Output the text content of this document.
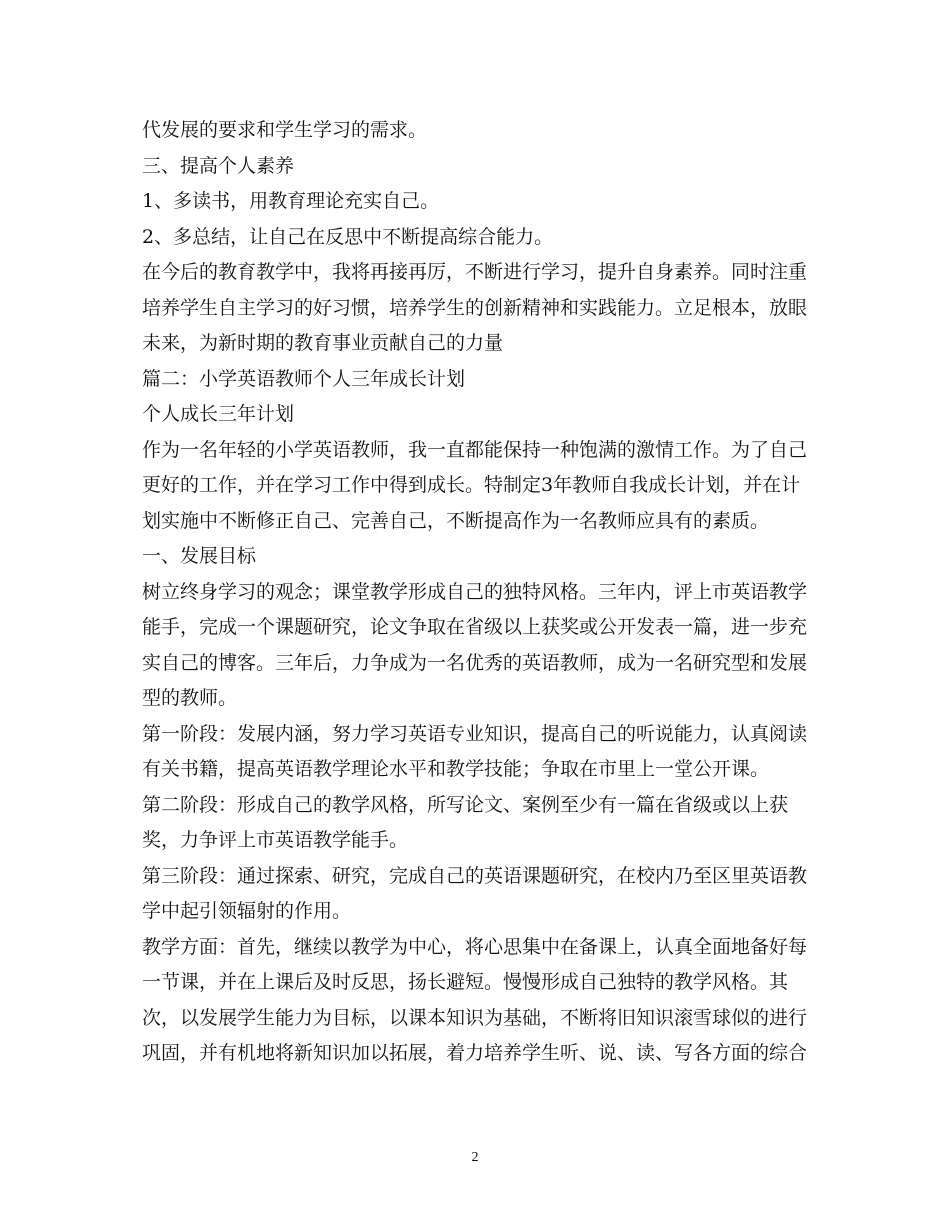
代发展的要求和学生学习的需求。
三、提高个人素养
1、多读书，用教育理论充实自己。
2、多总结，让自己在反思中不断提高综合能力。
在今后的教育教学中，我将再接再厉，不断进行学习，提升自身素养。同时注重
培养学生自主学习的好习惯，培养学生的创新精神和实践能力。立足根本，放眼
未来，为新时期的教育事业贡献自己的力量
篇二：小学英语教师个人三年成长计划
个人成长三年计划
作为一名年轻的小学英语教师，我一直都能保持一种饱满的激情工作。为了自己
更好的工作，并在学习工作中得到成长。特制定3年教师自我成长计划，并在计
划实施中不断修正自己、完善自己，不断提高作为一名教师应具有的素质。
一、发展目标
树立终身学习的观念；课堂教学形成自己的独特风格。三年内，评上市英语教学
能手，完成一个课题研究，论文争取在省级以上获奖或公开发表一篇，进一步充
实自己的博客。三年后，力争成为一名优秀的英语教师，成为一名研究型和发展
型的教师。
第一阶段：发展内涵，努力学习英语专业知识，提高自己的听说能力，认真阅读
有关书籍，提高英语教学理论水平和教学技能；争取在市里上一堂公开课。
第二阶段：形成自己的教学风格，所写论文、案例至少有一篇在省级或以上获
奖，力争评上市英语教学能手。
第三阶段：通过探索、研究，完成自己的英语课题研究，在校内乃至区里英语教
学中起引领辐射的作用。
教学方面：首先，继续以教学为中心，将心思集中在备课上，认真全面地备好每
一节课，并在上课后及时反思，扬长避短。慢慢形成自己独特的教学风格。其
次，以发展学生能力为目标，以课本知识为基础，不断将旧知识滚雪球似的进行
巩固，并有机地将新知识加以拓展，着力培养学生听、说、读、写各方面的综合
2
